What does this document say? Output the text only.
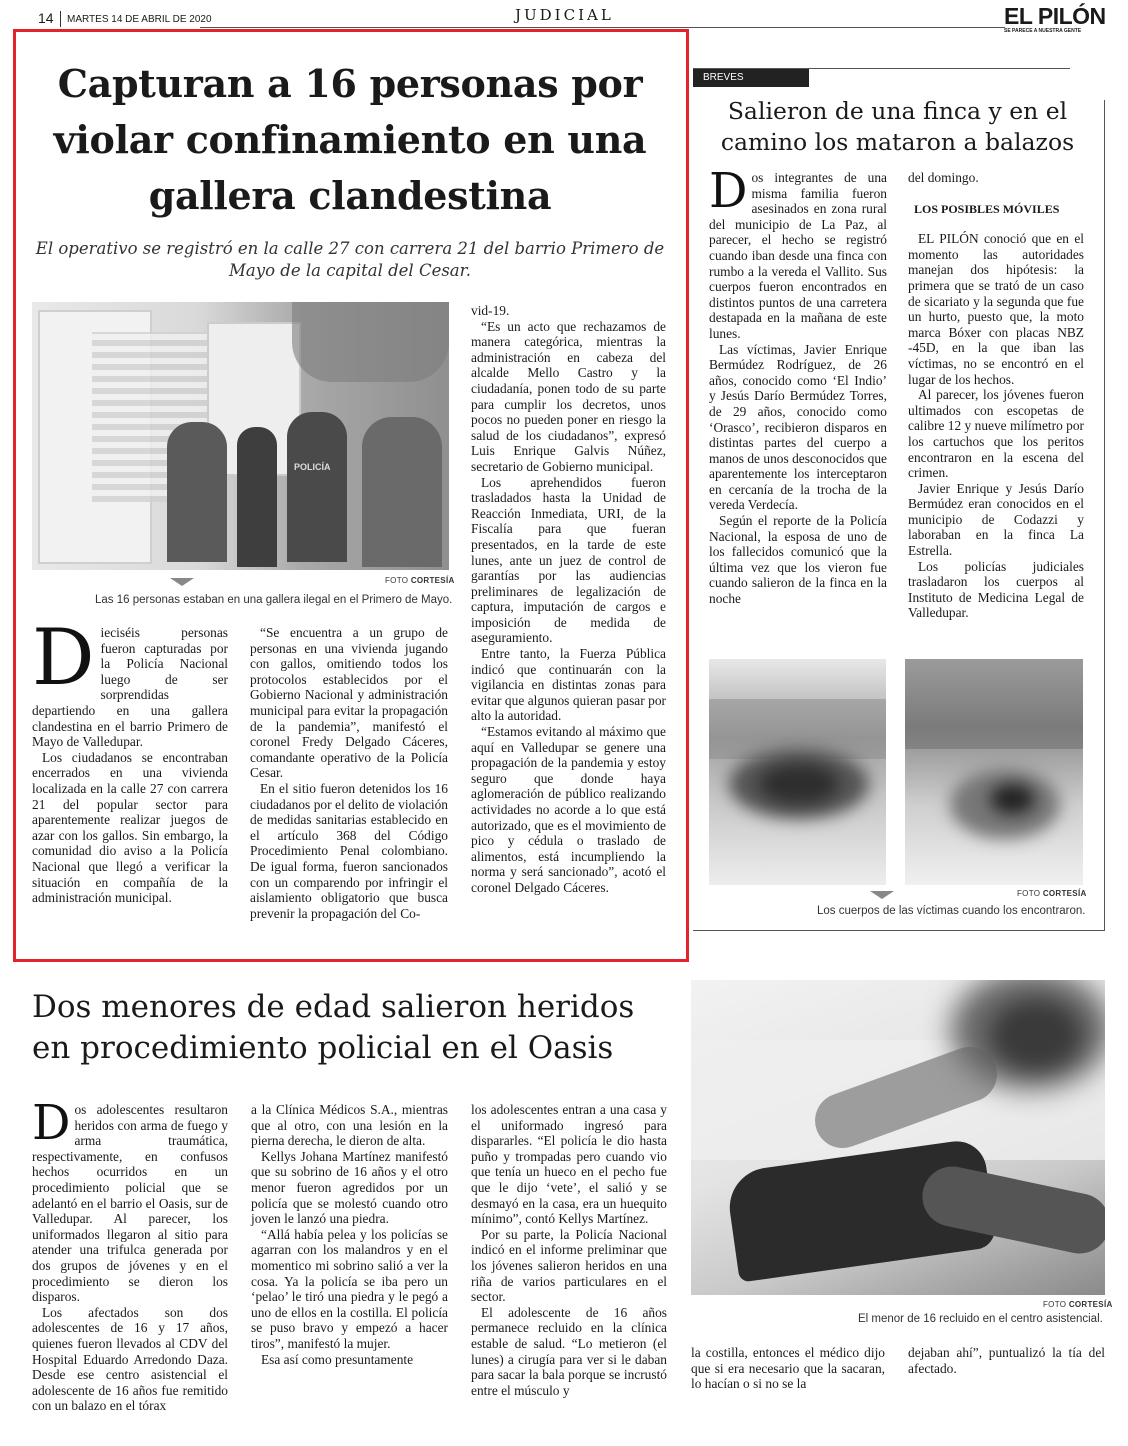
14 MARTES 14 DE ABRIL DE 2020	JUDICIAL	EL PILÓN
SE PARECE A NUESTRA GENTE
Capturan a 16 personas por violar confinamiento en una gallera clandestina
El operativo se registró en la calle 27 con carrera 21 del barrio Primero de Mayo de la capital del Cesar.
POLICÍA
FOTO CORTESÍA
Las 16 personas estaban en una gallera ilegal en el Primero de Mayo.
D ieciséis personas fueron capturadas por la Policía Nacional luego de ser sorprendidas departiendo en una gallera clandestina en el barrio Primero de Mayo de Valledupar.

Los ciudadanos se encontraban encerrados en una vivienda localizada en la calle 27 con carrera 21 del popular sector para aparentemente realizar juegos de azar con los gallos. Sin embargo, la comunidad dio aviso a la Policía Nacional que llegó a verificar la situación en compañía de la administración municipal.

“Se encuentra a un grupo de personas en una vivienda jugando con gallos, omitiendo todos los protocolos establecidos por el Gobierno Nacional y administración municipal para evitar la propagación de la pandemia”, manifestó el coronel Fredy Delgado Cáceres, comandante operativo de la Policía Cesar.

En el sitio fueron detenidos los 16 ciudadanos por el delito de violación de medidas sanitarias establecido en el artículo 368 del Código Procedimiento Penal colombiano. De igual forma, fueron sancionados con un comparendo por infringir el aislamiento obligatorio que busca prevenir la propagación del Co-

vid-19.

“Es un acto que rechazamos de manera categórica, mientras la administración en cabeza del alcalde Mello Castro y la ciudadanía, ponen todo de su parte para cumplir los decretos, unos pocos no pueden poner en riesgo la salud de los ciudadanos”, expresó Luis Enrique Galvis Núñez, secretario de Gobierno municipal.

Los aprehendidos fueron trasladados hasta la Unidad de Reacción Inmediata, URI, de la Fiscalía para que fueran presentados, en la tarde de este lunes, ante un juez de control de garantías por las audiencias preliminares de legalización de captura, imputación de cargos e imposición de medida de aseguramiento.

Entre tanto, la Fuerza Pública indicó que continuarán con la vigilancia en distintas zonas para evitar que algunos quieran pasar por alto la autoridad.

“Estamos evitando al máximo que aquí en Valledupar se genere una propagación de la pandemia y estoy seguro que donde haya aglomeración de público realizando actividades no acorde a lo que está autorizado, que es el movimiento de pico y cédula o traslado de alimentos, está incumpliendo la norma y será sancionado”, acotó el coronel Delgado Cáceres.

BREVES
Salieron de una finca y en el camino los mataron a balazos
D os integrantes de una misma familia fueron asesinados en zona rural del municipio de La Paz, al parecer, el hecho se registró cuando iban desde una finca con rumbo a la vereda el Vallito. Sus cuerpos fueron encontrados en distintos puntos de una carretera destapada en la mañana de este lunes.

Las víctimas, Javier Enrique Bermúdez Rodríguez, de 26 años, conocido como ‘El Indio’ y Jesús Darío Bermúdez Torres, de 29 años, conocido como ‘Orasco’, recibieron disparos en distintas partes del cuerpo a manos de unos desconocidos que aparentemente los interceptaron en cercanía de la trocha de la vereda Verdecía.

Según el reporte de la Policía Nacional, la esposa de uno de los fallecidos comunicó que la última vez que los vieron fue cuando salieron de la finca en la noche

del domingo.

LOS POSIBLES MÓVILES

EL PILÓN conoció que en el momento las autoridades manejan dos hipótesis: la primera que se trató de un caso de sicariato y la segunda que fue un hurto, puesto que, la moto marca Bóxer con placas NBZ -45D, en la que iban las víctimas, no se encontró en el lugar de los hechos.

Al parecer, los jóvenes fueron ultimados con escopetas de calibre 12 y nueve milímetro por los cartuchos que los peritos encontraron en la escena del crimen.

Javier Enrique y Jesús Darío Bermúdez eran conocidos en el municipio de Codazzi y laboraban en la finca La Estrella.

Los policías judiciales trasladaron los cuerpos al Instituto de Medicina Legal de Valledupar.

FOTO CORTESÍA
Los cuerpos de las víctimas cuando los encontraron.
Dos menores de edad salieron heridos en procedimiento policial en el Oasis
D os adolescentes resultaron heridos con arma de fuego y arma traumática, respectivamente, en confusos hechos ocurridos en un procedimiento policial que se adelantó en el barrio el Oasis, sur de Valledupar. Al parecer, los uniformados llegaron al sitio para atender una trifulca generada por dos grupos de jóvenes y en el procedimiento se dieron los disparos.

Los afectados son dos adolescentes de 16 y 17 años, quienes fueron llevados al CDV del Hospital Eduardo Arredondo Daza. Desde ese centro asistencial el adolescente de 16 años fue remitido con un balazo en el tórax

a la Clínica Médicos S.A., mientras que al otro, con una lesión en la pierna derecha, le dieron de alta.

Kellys Johana Martínez manifestó que su sobrino de 16 años y el otro menor fueron agredidos por un policía que se molestó cuando otro joven le lanzó una piedra.

“Allá había pelea y los policías se agarran con los malandros y en el momentico mi sobrino salió a ver la cosa. Ya la policía se iba pero un ‘pelao’ le tiró una piedra y le pegó a uno de ellos en la costilla. El policía se puso bravo y empezó a hacer tiros”, manifestó la mujer.

Esa así como presuntamente

los adolescentes entran a una casa y el uniformado ingresó para dispararles. “El policía le dio hasta puño y trompadas pero cuando vio que tenía un hueco en el pecho fue que le dijo ‘vete’, el salió y se desmayó en la casa, era un huequito mínimo”, contó Kellys Martínez.

Por su parte, la Policía Nacional indicó en el informe preliminar que los jóvenes salieron heridos en una riña de varios particulares en el sector.

El adolescente de 16 años permanece recluido en la clínica estable de salud. “Lo metieron (el lunes) a cirugía para ver si le daban para sacar la bala porque se incrustó entre el músculo y

FOTO CORTESÍA
El menor de 16 recluido en el centro asistencial.

la costilla, entonces el médico dijo que si era necesario que la sacaran, lo hacían o si no se la

dejaban ahí”, puntualizó la tía del afectado.
